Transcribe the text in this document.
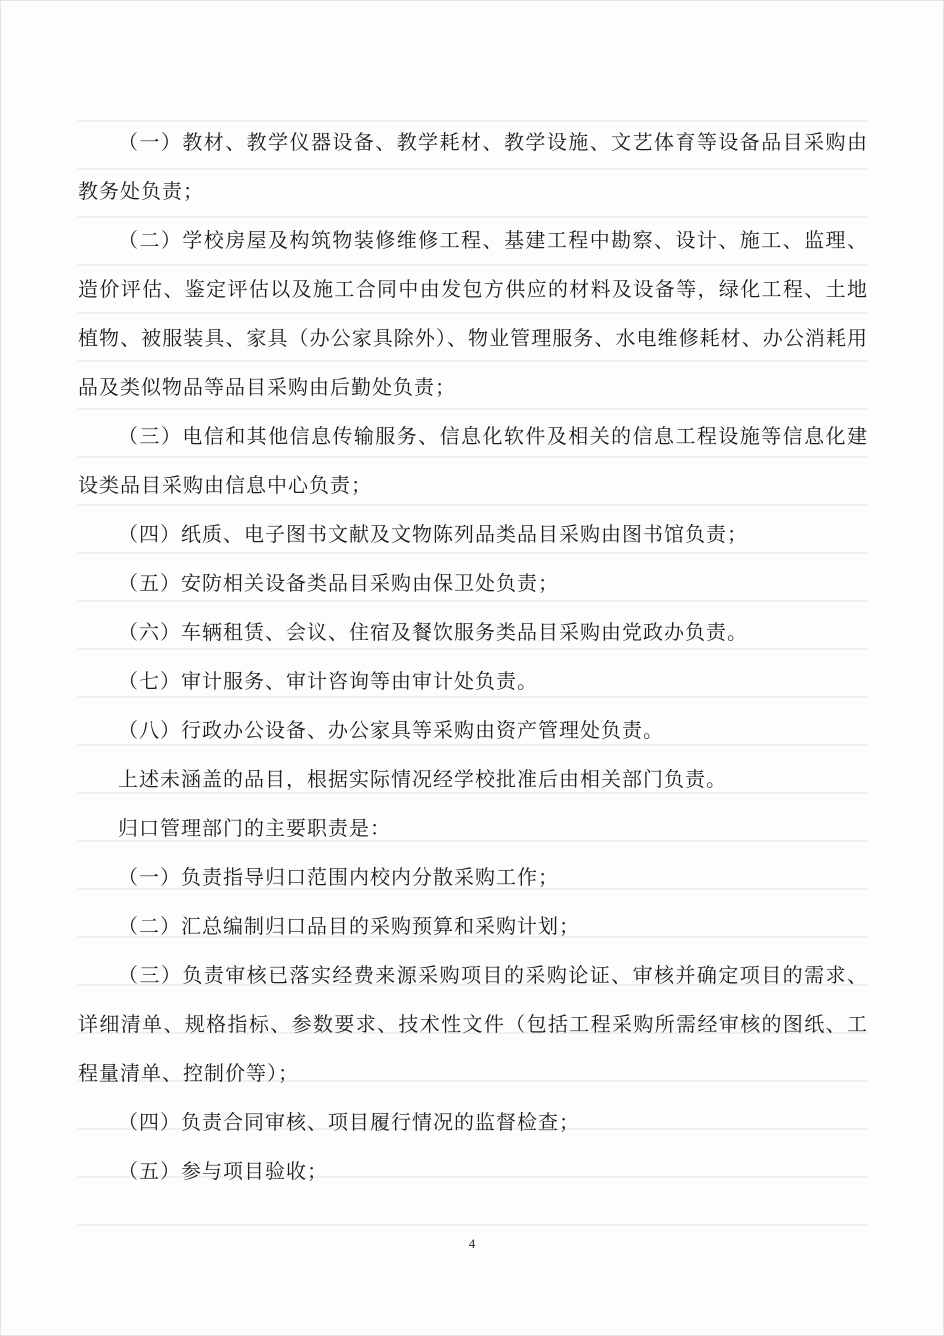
（一）教材、教学仪器设备、教学耗材、教学设施、文艺体育等设备品目采购由教务处负责；

（二）学校房屋及构筑物装修维修工程、基建工程中勘察、设计、施工、监理、造价评估、鉴定评估以及施工合同中由发包方供应的材料及设备等，绿化工程、土地植物、被服装具、家具（办公家具除外）、物业管理服务、水电维修耗材、办公消耗用品及类似物品等品目采购由后勤处负责；

（三）电信和其他信息传输服务、信息化软件及相关的信息工程设施等信息化建设类品目采购由信息中心负责；

（四）纸质、电子图书文献及文物陈列品类品目采购由图书馆负责；

（五）安防相关设备类品目采购由保卫处负责；

（六）车辆租赁、会议、住宿及餐饮服务类品目采购由党政办负责。

（七）审计服务、审计咨询等由审计处负责。

（八）行政办公设备、办公家具等采购由资产管理处负责。

上述未涵盖的品目，根据实际情况经学校批准后由相关部门负责。

归口管理部门的主要职责是：

（一）负责指导归口范围内校内分散采购工作；

（二）汇总编制归口品目的采购预算和采购计划；

（三）负责审核已落实经费来源采购项目的采购论证、审核并确定项目的需求、详细清单、规格指标、参数要求、技术性文件（包括工程采购所需经审核的图纸、工程量清单、控制价等）；

（四）负责合同审核、项目履行情况的监督检查；

（五）参与项目验收；

4
